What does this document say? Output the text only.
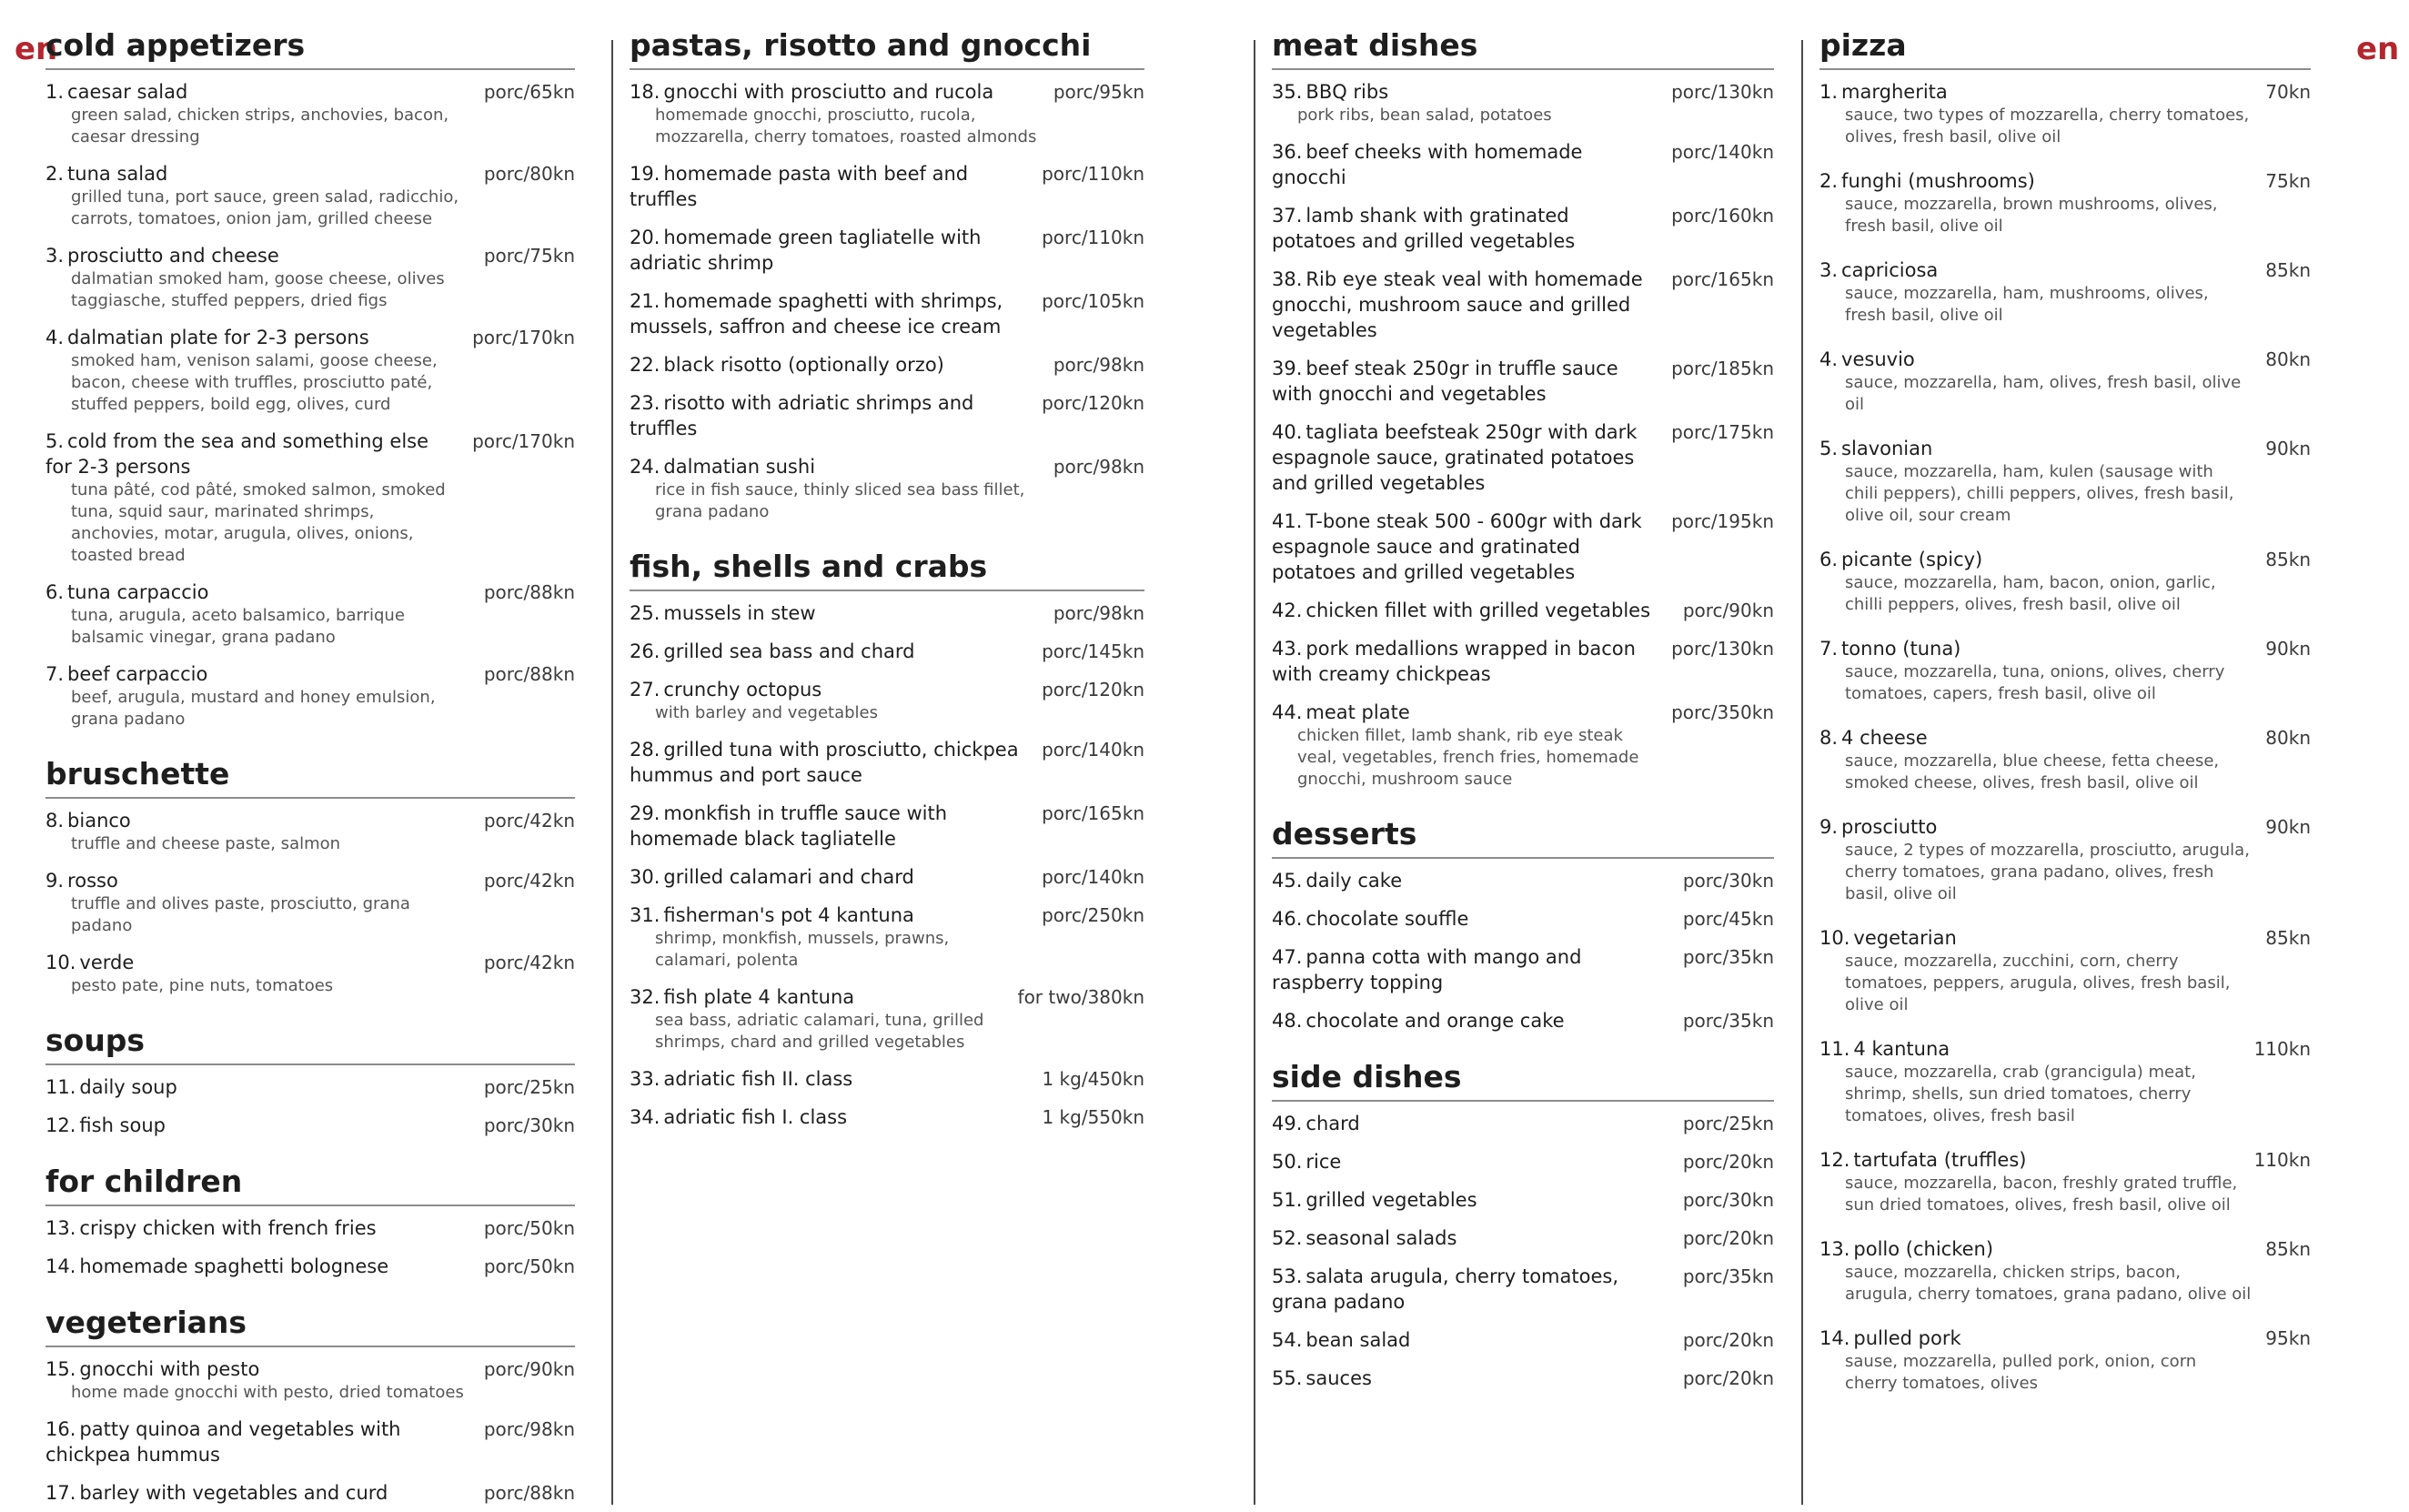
en	en
cold appetizers
1. caesar salad
green salad, chicken strips, anchovies, bacon, caesar dressing
porc/65kn
2. tuna salad
grilled tuna, port sauce, green salad, radicchio, carrots, tomatoes, onion jam, grilled cheese
porc/80kn
3. prosciutto and cheese
dalmatian smoked ham, goose cheese, olives taggiasche, stuffed peppers, dried figs
porc/75kn
4. dalmatian plate for 2-3 persons
smoked ham, venison salami, goose cheese, bacon, cheese with truffles, prosciutto paté, stuffed peppers, boild egg, olives, curd
porc/170kn
5. cold from the sea and something else for 2-3 persons
tuna pâté, cod pâté, smoked salmon, smoked tuna, squid saur, marinated shrimps, anchovies, motar, arugula, olives, onions, toasted bread
porc/170kn
6. tuna carpaccio
tuna, arugula, aceto balsamico, barrique balsamic vinegar, grana padano
porc/88kn
7. beef carpaccio
beef, arugula, mustard and honey emulsion, grana padano
porc/88kn
bruschette
8. bianco
truffle and cheese paste, salmon
porc/42kn
9. rosso
truffle and olives paste, prosciutto, grana padano
porc/42kn
10. verde
pesto pate, pine nuts, tomatoes
porc/42kn
soups
11. daily soup	porc/25kn
12. fish soup	porc/30kn
for children
13. crispy chicken with french fries	porc/50kn
14. homemade spaghetti bolognese	porc/50kn
vegeterians
15. gnocchi with pesto
home made gnocchi with pesto, dried tomatoes
porc/90kn
16. patty quinoa and vegetables with chickpea hummus
porc/98kn
17. barley with vegetables and curd	porc/88kn
pastas, risotto and gnocchi
18. gnocchi with prosciutto and rucola
homemade gnocchi, prosciutto, rucola, mozzarella, cherry tomatoes, roasted almonds
porc/95kn
19. homemade pasta with beef and truffles
porc/110kn
20. homemade green tagliatelle with adriatic shrimp
porc/110kn
21. homemade spaghetti with shrimps, mussels, saffron and cheese ice cream
porc/105kn
22. black risotto (optionally orzo)	porc/98kn
23. risotto with adriatic shrimps and truffles
porc/120kn
24. dalmatian sushi
rice in fish sauce, thinly sliced sea bass fillet, grana padano
porc/98kn
fish, shells and crabs
25. mussels in stew	porc/98kn
26. grilled sea bass and chard	porc/145kn
27. crunchy octopus
with barley and vegetables
porc/120kn
28. grilled tuna with prosciutto, chickpea hummus and port sauce
porc/140kn
29. monkfish in truffle sauce with homemade black tagliatelle
porc/165kn
30. grilled calamari and chard	porc/140kn
31. fisherman's pot 4 kantuna
shrimp, monkfish, mussels, prawns, calamari, polenta
porc/250kn
32. fish plate 4 kantuna
sea bass, adriatic calamari, tuna, grilled shrimps, chard and grilled vegetables
for two/380kn
33. adriatic fish II. class	1 kg/450kn
34. adriatic fish I. class	1 kg/550kn
meat dishes
35. BBQ ribs
pork ribs, bean salad, potatoes
porc/130kn
36. beef cheeks with homemade gnocchi
porc/140kn
37. lamb shank with gratinated potatoes and grilled vegetables
porc/160kn
38. Rib eye steak veal with homemade gnocchi, mushroom sauce and grilled vegetables
porc/165kn
39. beef steak 250gr in truffle sauce with gnocchi and vegetables
porc/185kn
40. tagliata beefsteak 250gr with dark espagnole sauce, gratinated potatoes and grilled vegetables
porc/175kn
41. T-bone steak 500 - 600gr with dark espagnole sauce and gratinated potatoes and grilled vegetables
porc/195kn
42. chicken fillet with grilled vegetables	porc/90kn
43. pork medallions wrapped in bacon with creamy chickpeas
porc/130kn
44. meat plate
chicken fillet, lamb shank, rib eye steak veal, vegetables, french fries, homemade gnocchi, mushroom sauce
porc/350kn
desserts
45. daily cake	porc/30kn
46. chocolate souffle	porc/45kn
47. panna cotta with mango and raspberry topping
porc/35kn
48. chocolate and orange cake	porc/35kn
side dishes
49. chard	porc/25kn
50. rice	porc/20kn
51. grilled vegetables	porc/30kn
52. seasonal salads	porc/20kn
53. salata arugula, cherry tomatoes, grana padano
porc/35kn
54. bean salad	porc/20kn
55. sauces	porc/20kn
pizza
1. margherita
sauce, two types of mozzarella, cherry tomatoes, olives, fresh basil, olive oil
70kn
2. funghi (mushrooms)
sauce, mozzarella, brown mushrooms, olives, fresh basil, olive oil
75kn
3. capriciosa
sauce, mozzarella, ham, mushrooms, olives, fresh basil, olive oil
85kn
4. vesuvio
sauce, mozzarella, ham, olives, fresh basil, olive oil
80kn
5. slavonian
sauce, mozzarella, ham, kulen (sausage with chili peppers), chilli peppers, olives, fresh basil, olive oil, sour cream
90kn
6. picante (spicy)
sauce, mozzarella, ham, bacon, onion, garlic, chilli peppers, olives, fresh basil, olive oil
85kn
7. tonno (tuna)
sauce, mozzarella, tuna, onions, olives, cherry tomatoes, capers, fresh basil, olive oil
90kn
8. 4 cheese
sauce, mozzarella, blue cheese, fetta cheese, smoked cheese, olives, fresh basil, olive oil
80kn
9. prosciutto
sauce, 2 types of mozzarella, prosciutto, arugula, cherry tomatoes, grana padano, olives, fresh basil, olive oil
90kn
10. vegetarian
sauce, mozzarella, zucchini, corn, cherry tomatoes, peppers, arugula, olives, fresh basil, olive oil
85kn
11. 4 kantuna
sauce, mozzarella, crab (grancigula) meat, shrimp, shells, sun dried tomatoes, cherry tomatoes, olives, fresh basil
110kn
12. tartufata (truffles)
sauce, mozzarella, bacon, freshly grated truffle, sun dried tomatoes, olives, fresh basil, olive oil
110kn
13. pollo (chicken)
sauce, mozzarella, chicken strips, bacon, arugula, cherry tomatoes, grana padano, olive oil
85kn
14. pulled pork
sause, mozzarella, pulled pork, onion, corn cherry tomatoes, olives
95kn
